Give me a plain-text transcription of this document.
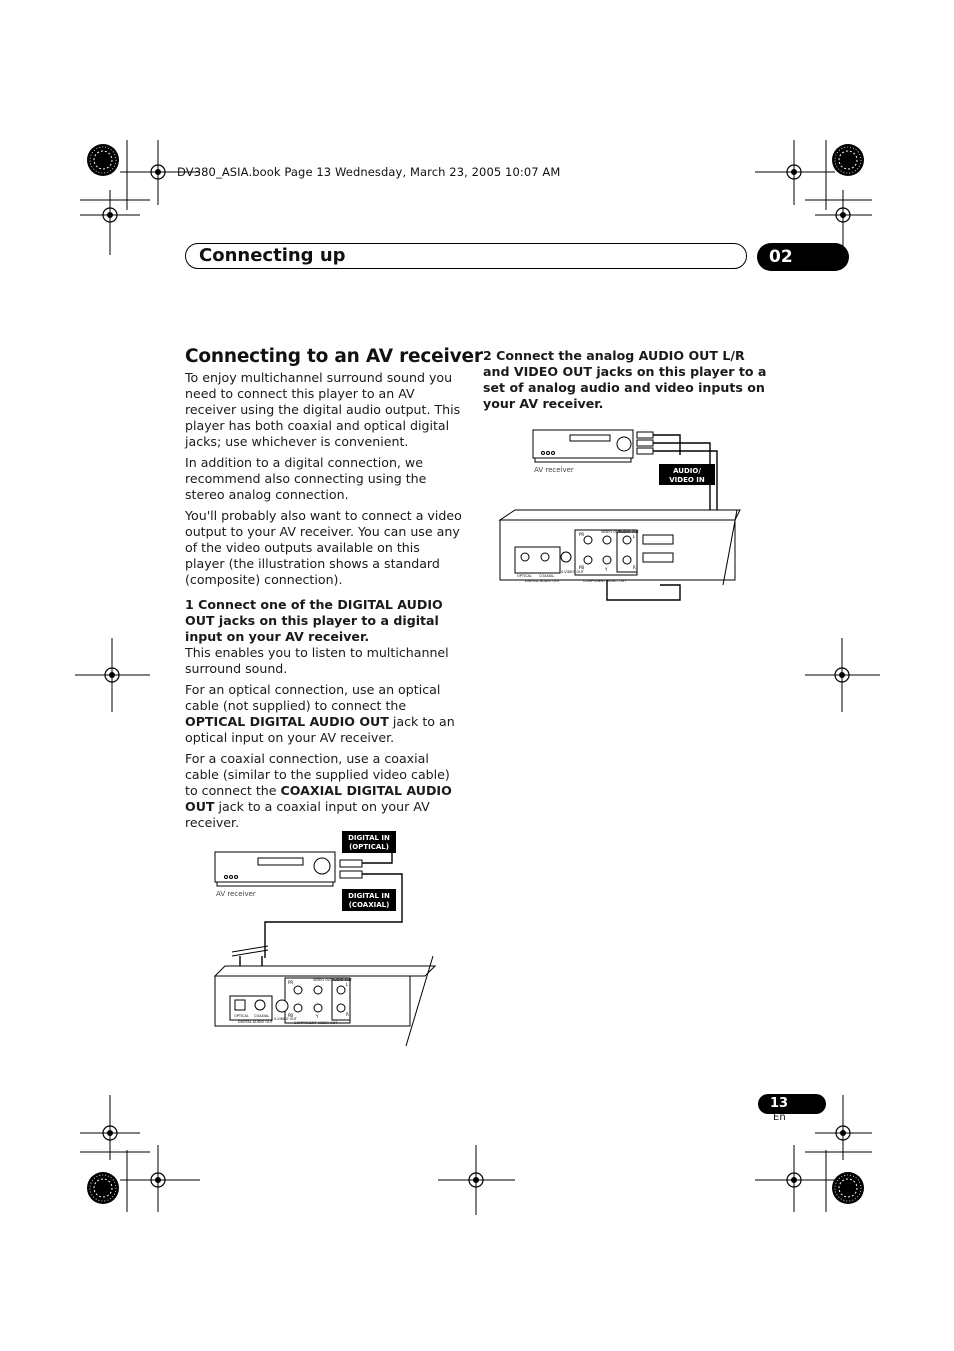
DV380_ASIA.book Page 13 Wednesday, March 23, 2005 10:07 AM
Connecting up	02
Connecting to an AV receiver

To enjoy multichannel surround sound you need to connect this player to an AV receiver using the digital audio output. This player has both coaxial and optical digital jacks; use whichever is convenient.

In addition to a digital connection, we recommend also connecting using the stereo analog connection.

You'll probably also want to connect a video output to your AV receiver. You can use any of the video outputs available on this player (the illustration shows a standard (composite) connection).

1 Connect one of the DIGITAL AUDIO OUT jacks on this player to a digital input on your AV receiver.

This enables you to listen to multichannel surround sound.

For an optical connection, use an optical cable (not supplied) to connect the OPTICAL DIGITAL AUDIO OUT jack to an optical input on your AV receiver.

For a coaxial connection, use a coaxial cable (similar to the supplied video cable) to connect the COAXIAL DIGITAL AUDIO OUT jack to a coaxial input on your AV receiver.

2 Connect the analog AUDIO OUT L/R and VIDEO OUT jacks on this player to a set of analog audio and video inputs on your AV receiver.

AUDIO/
VIDEO IN
AV receiver
OPTICAL COAXIAL
DIGITAL AUDIO OUT
S-VIDEO OUT
COMPONENT VIDEO OUT
VIDEO OUT
AUDIO OUT
PR
PB	Y
L
R
DIGITAL IN
(OPTICAL)
DIGITAL IN
(COAXIAL)
AV receiver
OPTICAL COAXIAL
DIGITAL AUDIO OUT
S-VIDEO OUT
COMPONENT VIDEO OUT
VIDEO OUT AUDIO OUT
PR
PB	Y
L
R
13
En
